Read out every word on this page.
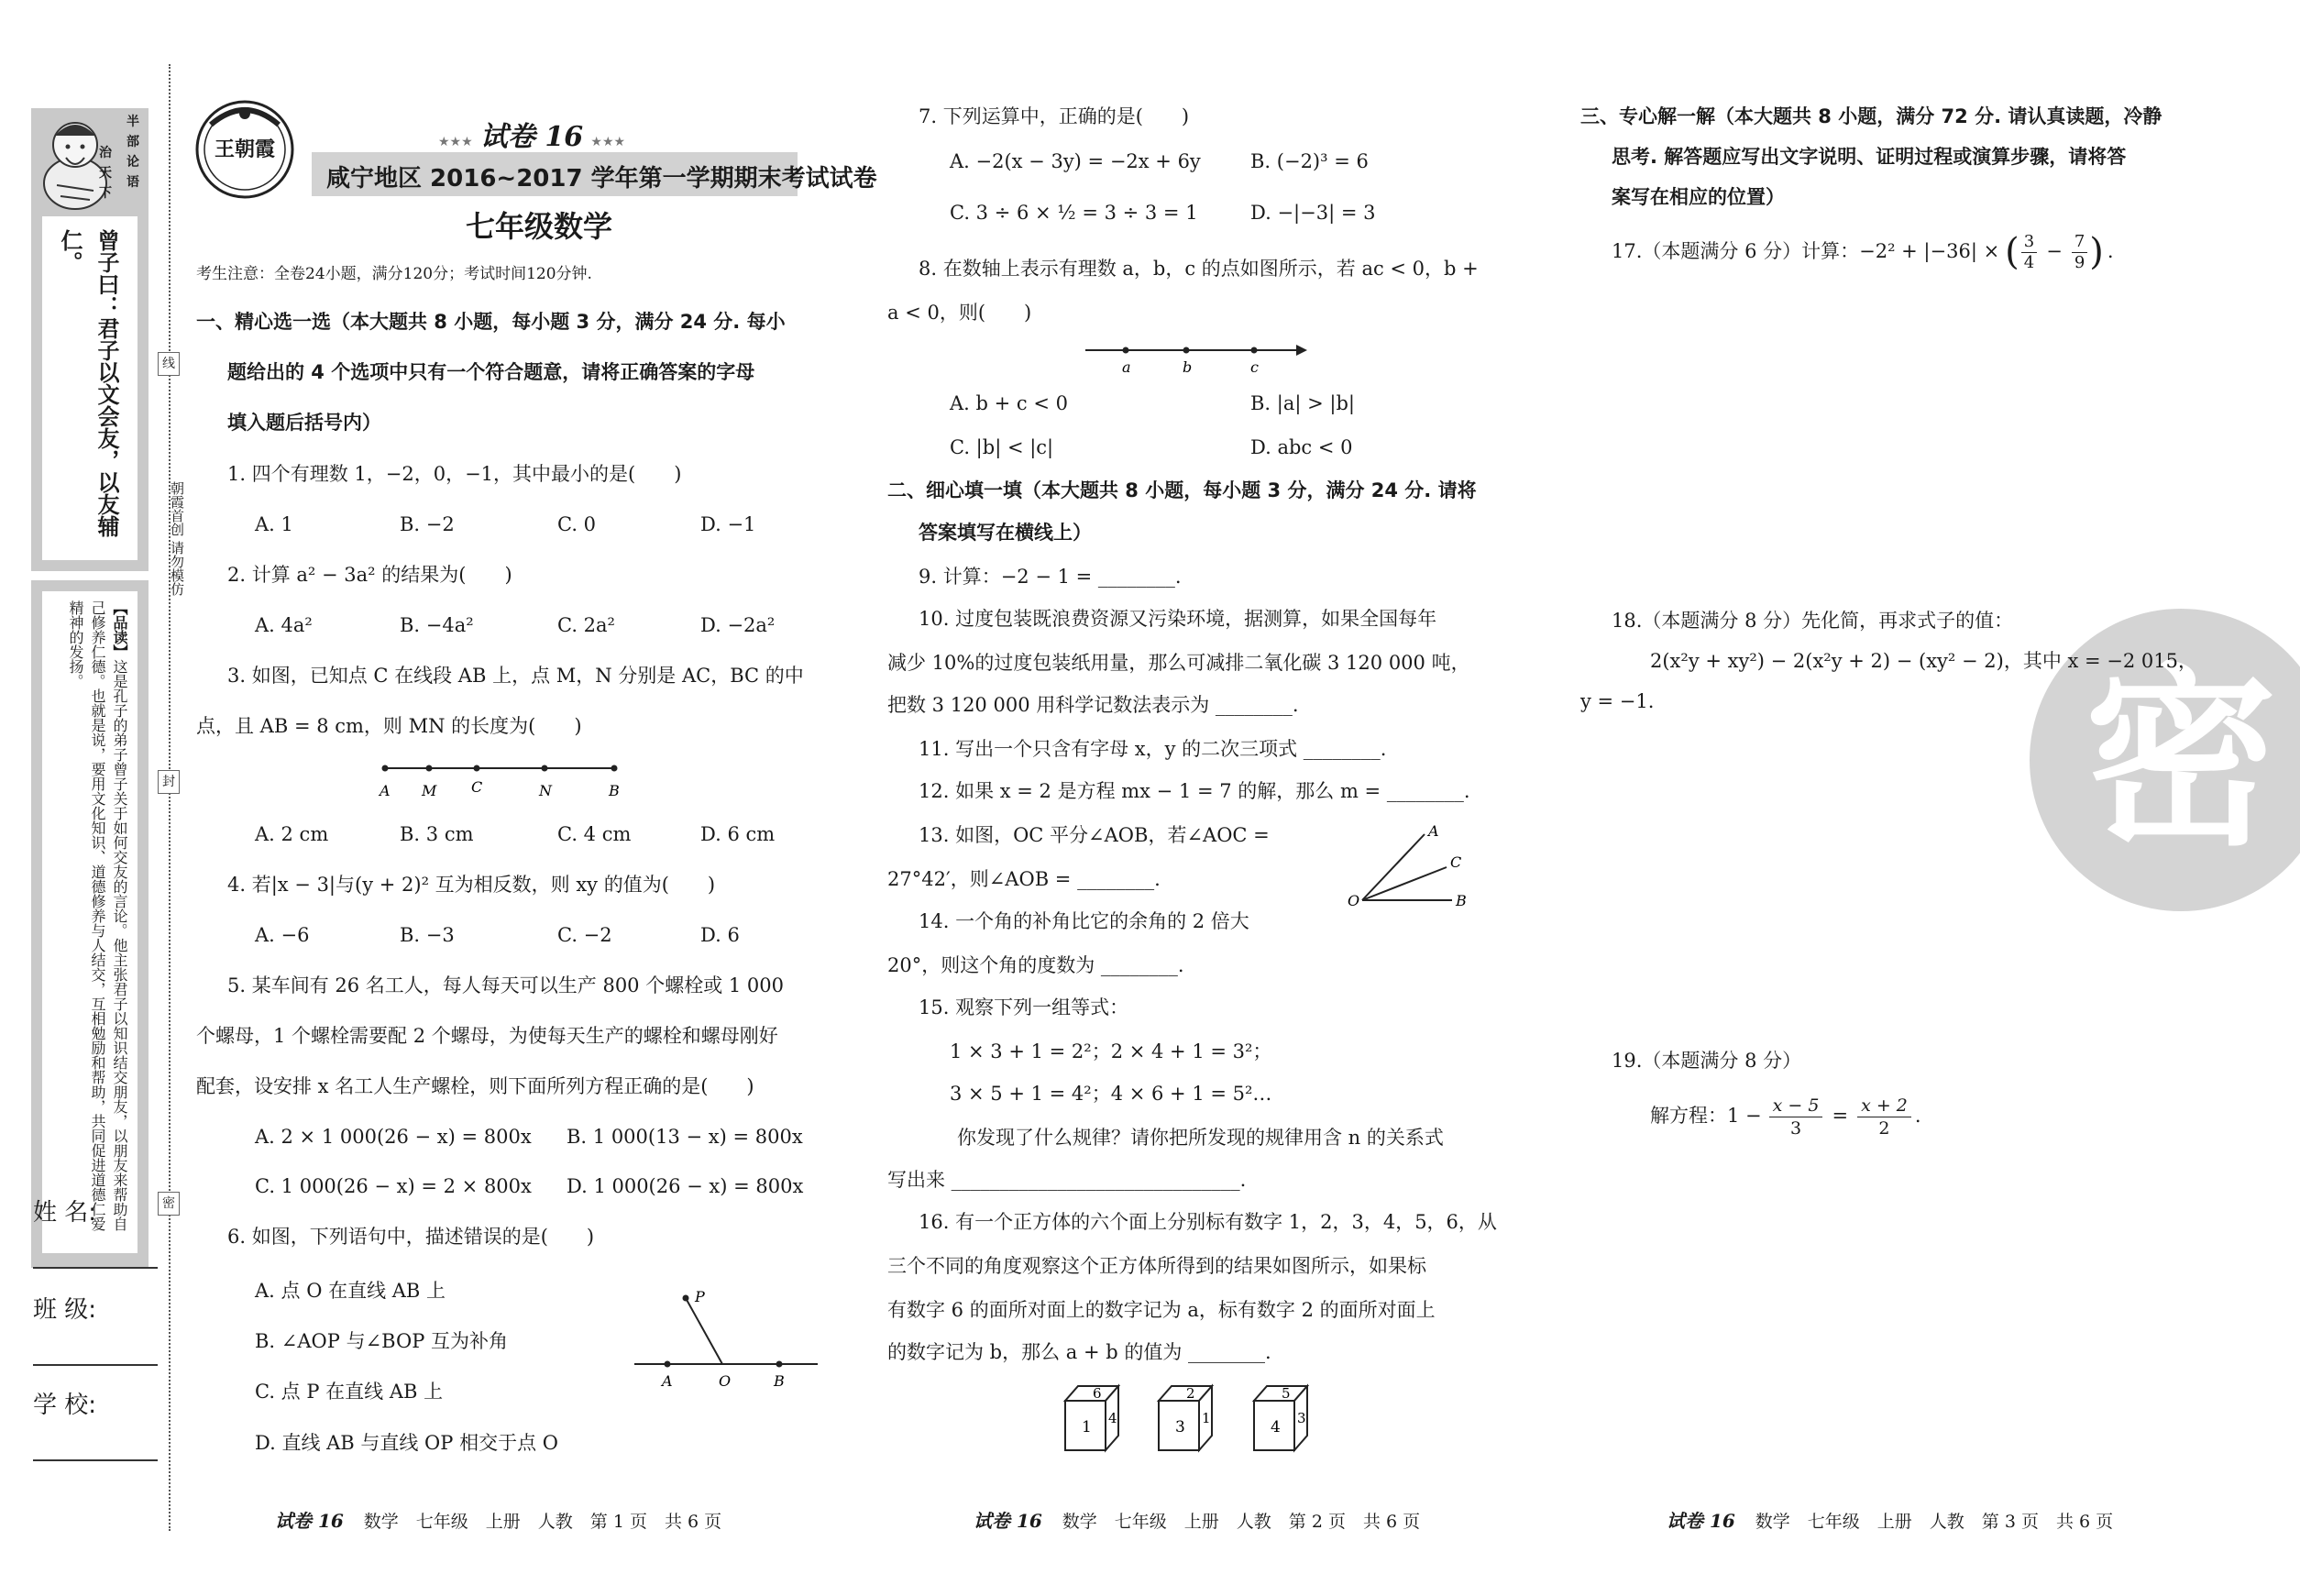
半
部
论
语
治
天
下
曾子曰：君子以文会友，以友辅仁。
【品读】这是孔子的弟子曾子关于如何交友的言论。他主张君子以知识结交朋友，以朋友来帮助自己修养仁德。也就是说，要用文化知识、道德修养与人结交，互相勉励和帮助，共同促进道德仁爱精神的发扬。
线
封
密
朝霞首创 请勿模仿
姓 名:
班 级:
学 校:
王朝霞	★★★ 试卷 16 ★★★
咸宁地区 2016~2017 学年第一学期期末考试试卷
七年级数学
考生注意：全卷24小题，满分120分；考试时间120分钟.
一、精心选一选（本大题共 8 小题，每小题 3 分，满分 24 分. 每小
题给出的 4 个选项中只有一个符合题意，请将正确答案的字母
填入题后括号内）
1. 四个有理数 1，−2，0，−1，其中最小的是(　　)
A. 1	B. −2	C. 0	D. −1
2. 计算 a² − 3a² 的结果为(　　)
A. 4a²	B. −4a²	C. 2a²	D. −2a²
3. 如图，已知点 C 在线段 AB 上，点 M，N 分别是 AC，BC 的中
点，且 AB = 8 cm，则 MN 的长度为(　　)
A M C	N	B
A. 2 cm	B. 3 cm	C. 4 cm	D. 6 cm
4. 若|x − 3|与(y + 2)² 互为相反数，则 xy 的值为(　　)
A. −6	B. −3	C. −2	D. 6
5. 某车间有 26 名工人，每人每天可以生产 800 个螺栓或 1 000
个螺母，1 个螺栓需要配 2 个螺母，为使每天生产的螺栓和螺母刚好
配套，设安排 x 名工人生产螺栓，则下面所列方程正确的是(　　)
A. 2 × 1 000(26 − x) = 800x B. 1 000(13 − x) = 800x
C. 1 000(26 − x) = 2 × 800x D. 1 000(26 − x) = 800x
6. 如图，下列语句中，描述错误的是(　　)
A. 点 O 在直线 AB 上
B. ∠AOP 与∠BOP 互为补角
C. 点 P 在直线 AB 上
D. 直线 AB 与直线 OP 相交于点 O
P
A	O	B
试卷 16 数学　七年级　上册　人教　第 1 页　共 6 页
7. 下列运算中，正确的是(　　)
A. −2(x − 3y) = −2x + 6y	B. (−2)³ = 6
C. 3 ÷ 6 × ½ = 3 ÷ 3 = 1	D. −|−3| = 3
8. 在数轴上表示有理数 a，b，c 的点如图所示，若 ac < 0，b +
a < 0，则(　　)
a	b	c
A. b + c < 0	B. |a| > |b|
C. |b| < |c|	D. abc < 0
二、细心填一填（本大题共 8 小题，每小题 3 分，满分 24 分. 请将
答案填写在横线上）
9. 计算：−2 − 1 = ________.
10. 过度包装既浪费资源又污染环境，据测算，如果全国每年
减少 10%的过度包装纸用量，那么可减排二氧化碳 3 120 000 吨，
把数 3 120 000 用科学记数法表示为 ________.
11. 写出一个只含有字母 x，y 的二次三项式 ________.
12. 如果 x = 2 是方程 mx − 1 = 7 的解，那么 m = ________.
13. 如图，OC 平分∠AOB，若∠AOC =
27°42′，则∠AOB = ________.
A
C
O	B
14. 一个角的补角比它的余角的 2 倍大
20°，则这个角的度数为 ________.
15. 观察下列一组等式：
1 × 3 + 1 = 2²；2 × 4 + 1 = 3²；
3 × 5 + 1 = 4²；4 × 6 + 1 = 5²…
你发现了什么规律？请你把所发现的规律用含 n 的关系式
写出来 ______________________________.
16. 有一个正方体的六个面上分别标有数字 1，2，3，4，5，6，从
三个不同的角度观察这个正方体所得到的结果如图所示，如果标
有数字 6 的面所对面上的数字记为 a，标有数字 2 的面所对面上
的数字记为 b，那么 a + b 的值为 ________.
6
1 4
2
3 1
5
4 3
试卷 16 数学　七年级　上册　人教　第 2 页　共 6 页
密
三、专心解一解（本大题共 8 小题，满分 72 分. 请认真读题，冷静
思考. 解答题应写出文字说明、证明过程或演算步骤，请将答
案写在相应的位置）
17.（本题满分 6 分）计算：−2² + |−36| × ( $\frac{3}{4} - \frac{7}{9}$ ) .
18.（本题满分 8 分）先化简，再求式子的值：
2(x²y + xy²) − 2(x²y + 2) − (xy² − 2)，其中 x = −2 015，
y = −1.
19.（本题满分 8 分）
解方程：$1 - \frac{x - 5}{3} = \frac{x + 2}{2}$ .
试卷 16 数学　七年级　上册　人教　第 3 页　共 6 页
